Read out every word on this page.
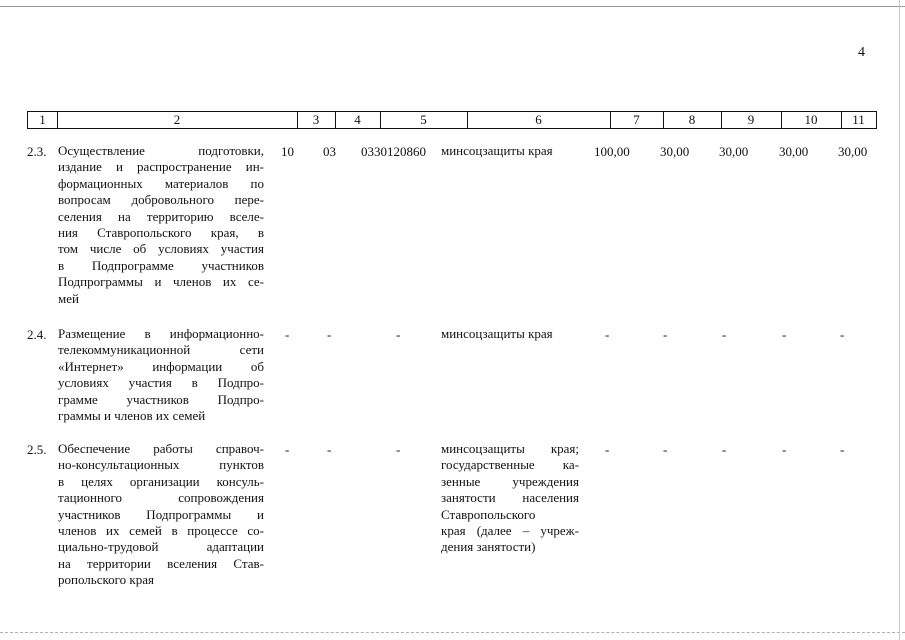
4
1	2	3	4	5	6	7	8	9	10	11
2.3. Осуществление подготовки,
издание и распространение ин-
формационных материалов по
вопросам добровольного пере-
селения на территорию вселе-
ния Ставропольского края, в
том числе об условиях участия
в Подпрограмме участников
Подпрограммы и членов их се-
мей
10 03 0330120860 минсоцзащиты края	100,00 30,00 30,00 30,00 30,00
2.4. Размещение в информационно-
телекоммуникационной сети
«Интернет» информации об
условиях участия в Подпро-
грамме участников Подпро-
граммы и членов их семей
-	-	-	минсоцзащиты края	-	-	-	-	-
2.5. Обеспечение работы справоч-
но-консультационных пунктов
в целях организации консуль-
тационного сопровождения
участников Подпрограммы и
членов их семей в процессе со-
циально-трудовой адаптации
на территории вселения Став-
ропольского края
-	-	-	минсоцзащиты края;
государственные ка-
зенные учреждения
занятости населения
Ставропольского
края (далее – учреж-
дения занятости)
-	-	-	-	-
